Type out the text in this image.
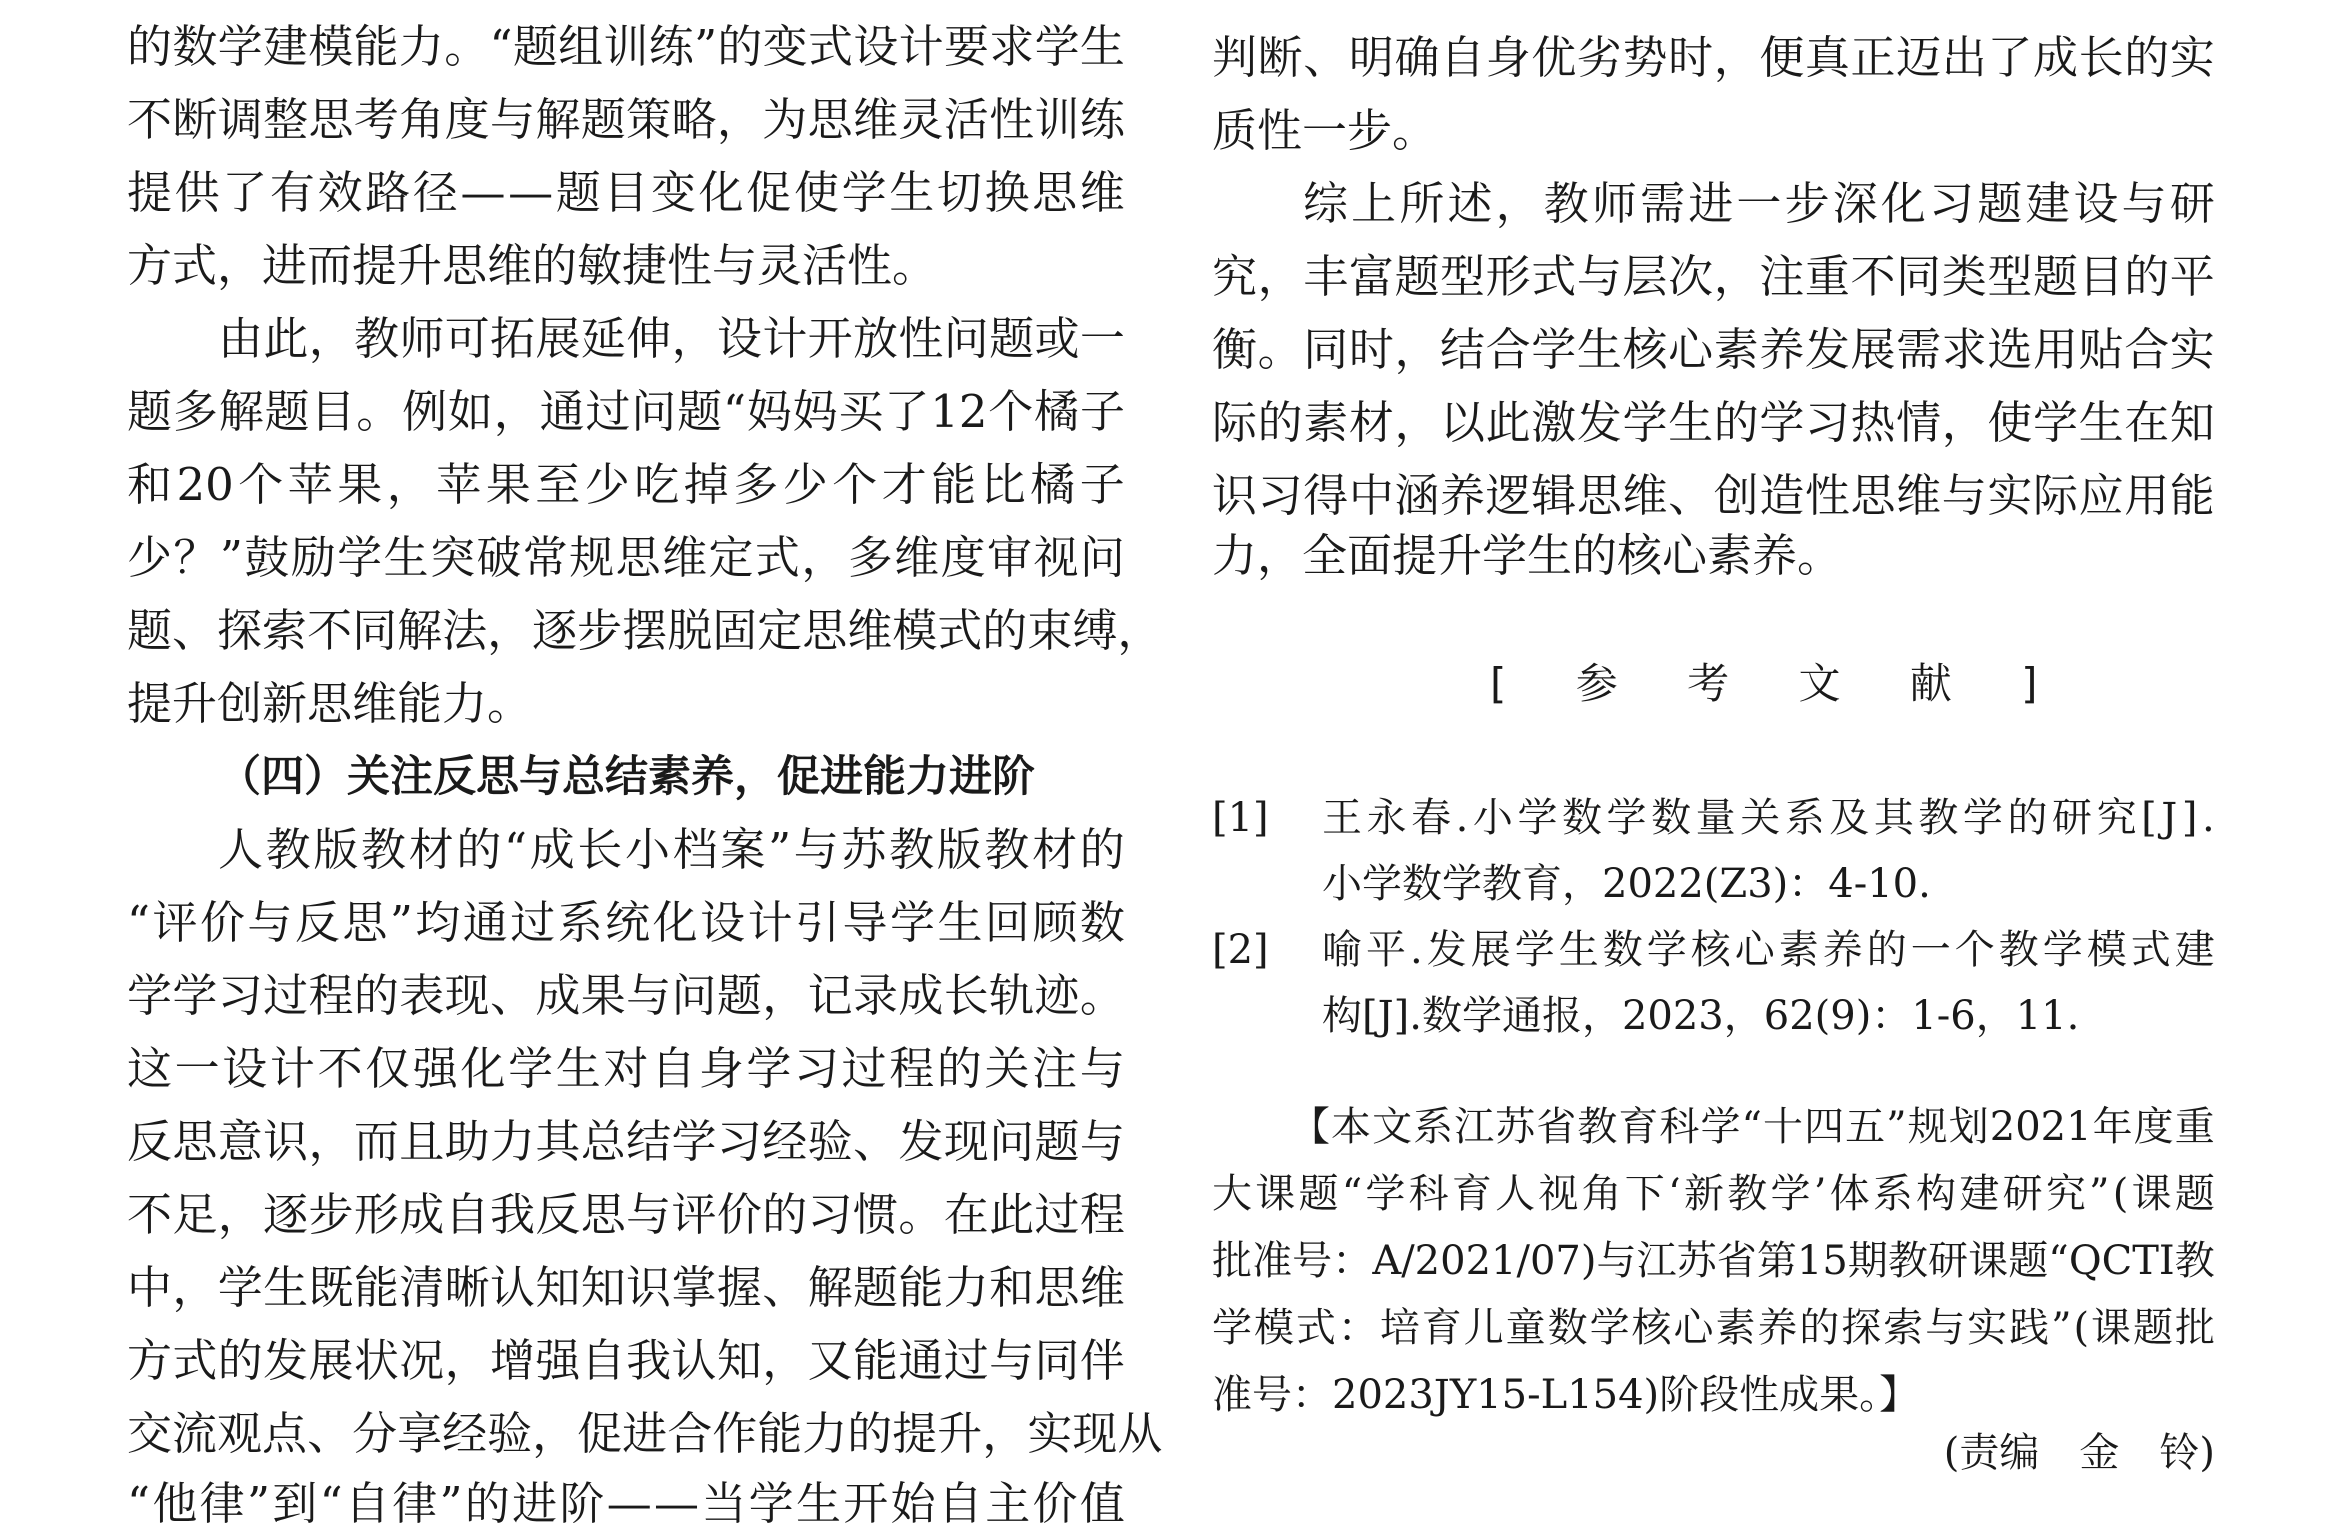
的 数 学 建 模 能 力 。 “ 题 组 训 练 ” 的 变 式 设 计 要 求 学 生
不 断 调 整 思 考 角 度 与 解 题 策 略 ， 为 思 维 灵 活 性 训 练
提 供 了 有 效 路 径 — — 题 目 变 化 促 使 学 生 切 换 思 维
方式，进而提升思维的敏捷性与灵活性。
由 此 ， 教 师 可 拓 展 延 伸 ， 设 计 开 放 性 问 题 或 一
题 多 解 题 目 。 例 如 ， 通 过 问 题 “ 妈 妈 买 了 12 个 橘 子
和 20 个 苹 果 ， 苹 果 至 少 吃 掉 多 少 个 才 能 比 橘 子
少 ？ ” 鼓 励 学 生 突 破 常 规 思 维 定 式 ， 多 维 度 审 视 问
题 、 探 索 不 同 解 法 ， 逐 步 摆 脱 固 定 思 维 模 式 的 束 缚 ，
提升创新思维能力。
（四）关注反思与总结素养，促进能力进阶
人 教 版 教 材 的 “ 成 长 小 档 案 ” 与 苏 教 版 教 材 的
“ 评 价 与 反 思 ” 均 通 过 系 统 化 设 计 引 导 学 生 回 顾 数
学 学 习 过 程 的 表 现 、 成 果 与 问 题 ， 记 录 成 长 轨 迹 。
这 一 设 计 不 仅 强 化 学 生 对 自 身 学 习 过 程 的 关 注 与
反 思 意 识 ， 而 且 助 力 其 总 结 学 习 经 验 、 发 现 问 题 与
不 足 ， 逐 步 形 成 自 我 反 思 与 评 价 的 习 惯 。 在 此 过 程
中 ， 学 生 既 能 清 晰 认 知 知 识 掌 握 、 解 题 能 力 和 思 维
方 式 的 发 展 状 况 ， 增 强 自 我 认 知 ， 又 能 通 过 与 同 伴
交 流 观 点 、 分 享 经 验 ， 促 进 合 作 能 力 的 提 升 ， 实 现 从
“ 他 律 ” 到 “ 自 律 ” 的 进 阶 — — 当 学 生 开 始 自 主 价 值
判 断 、 明 确 自 身 优 劣 势 时 ， 便 真 正 迈 出 了 成 长 的 实
质性一步。
综 上 所 述 ， 教 师 需 进 一 步 深 化 习 题 建 设 与 研
究 ， 丰 富 题 型 形 式 与 层 次 ， 注 重 不 同 类 型 题 目 的 平
衡 。 同 时 ， 结 合 学 生 核 心 素 养 发 展 需 求 选 用 贴 合 实
际 的 素 材 ， 以 此 激 发 学 生 的 学 习 热 情 ， 使 学 生 在 知
识 习 得 中 涵 养 逻 辑 思 维 、 创 造 性 思 维 与 实 际 应 用 能
力，全面提升学生的核心素养。
[ 参 考 文 献 ]
[1] 王 永 春 . 小 学 数 学 数 量 关 系 及 其 教 学 的 研 究 [ J ] .
小学数学教育，2022(Z3)：4-10.
[2] 喻 平 . 发 展 学 生 数 学 核 心 素 养 的 一 个 教 学 模 式 建
构[J].数学通报，2023，62(9)：1-6，11.
【 本 文 系 江 苏 省 教 育 科 学 “ 十 四 五 ” 规 划 2021 年 度 重
大 课 题 “ 学 科 育 人 视 角 下 ‘ 新 教 学 ’ 体 系 构 建 研 究 ” ( 课 题
批 准 号 ： A/2021/07) 与 江 苏 省 第 15 期 教 研 课 题 “ QCTI 教
学 模 式 ： 培 育 儿 童 数 学 核 心 素 养 的 探 索 与 实 践 ” ( 课 题 批
准号：2023JY15-L154)阶段性成果。】
(责编　金　铃)
